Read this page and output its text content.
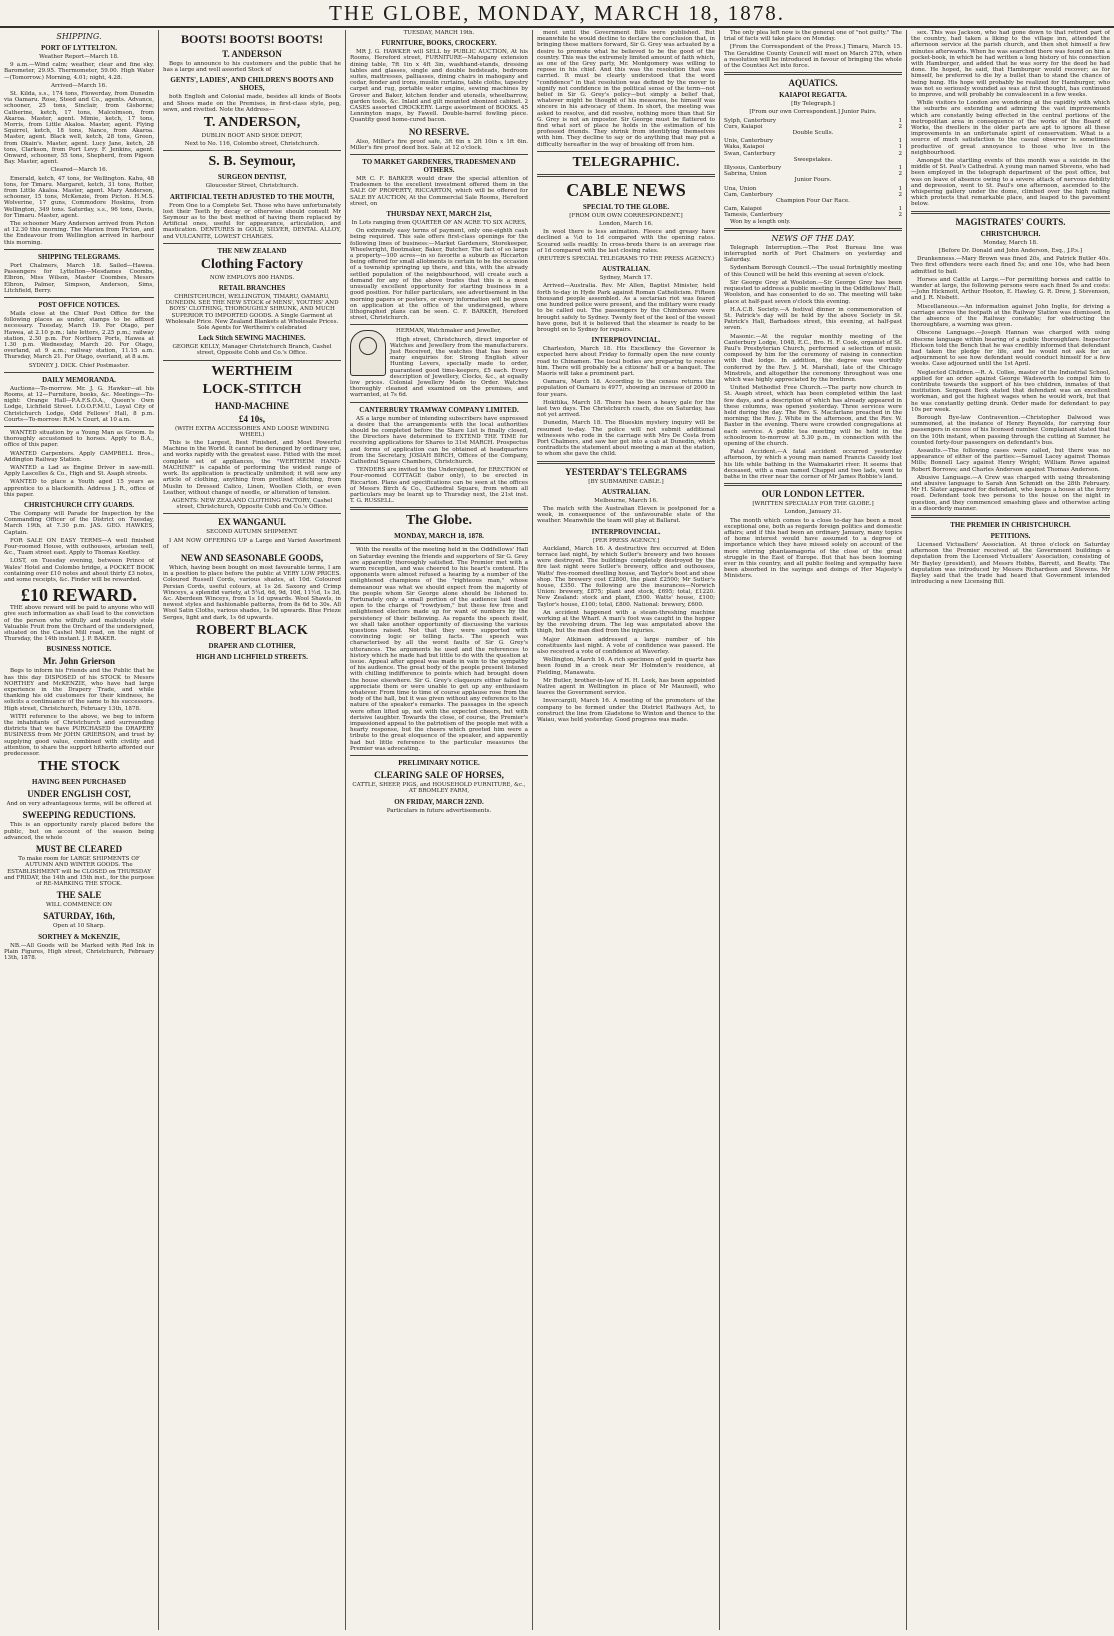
THE GLOBE, MONDAY, MARCH 18, 1878.
SHIPPING.
PORT OF LYTTELTON.

Weather Report—March 18.

9 a.m.—Wind calm; weather, clear and fine sky. Barometer, 29.95. Thermometer, 59.00. High Water—(Tomorrow.) Morning, 4.01; night, 4.28.

Arrived—March 16.

St. Kilda, s.s., 174 tons, Flowerday, from Dunedin via Oamaru. Rose, Steed and Co., agents. Advance, schooner, 25 tons, Sinclair, from Gisborne; Catherine, ketch, 17 tons, Malcolmson, from Akaroa. Master, agent. Mimie, ketch, 17 tons, Morris, from Little Akaloa. Master, agent. Flying Squirrel, ketch, 18 tons, Nance, from Akaroa. Master, agent. Black well, ketch, 28 tons, Green, from Okain's. Master, agent. Lucy Jane, ketch, 28 tons, Clarkson, from Port Levy. F. Jenkins, agent. Onward, schooner, 55 tons, Shepherd, from Pigeon Bay. Master, agent.

Cleared—March 16.

Emerald, ketch, 47 tons, for Wellington. Kahu, 48 tons, for Timaru. Margaret, ketch, 31 tons, Rutter, from Little Akaloa. Master, agent. Mary Anderson, schooner, 15 tons, McKenzie, from Picton. H.M.S. Wolverine, 17 guns, Commodore Hoskins, from Wellington, 349 tons. Saturday, s.s., 96 tons, Davis, for Timaru. Master, agent.

The schooner Mary Anderson arrived from Picton at 12.30 this morning. The Marion from Picton, and the Endeavour from Wellington arrived in harbour this morning.

SHIPPING TELEGRAMS.

Port Chalmers, March 18. Sailed—Hawea. Passengers for Lyttelton—Mesdames Coombs, Elbron, Miss Wilson, Master Coombes, Messrs Elbron, Palmer, Simpson, Anderson, Sims, Litchfield, Berry.

POST OFFICE NOTICES.

Mails close at the Chief Post Office for the following places as under, stamps to be affixed necessary. Tuesday, March 19. For Otago, per Hawea, at 2.10 p.m.; late letters, 2.25 p.m.; railway station, 2.30 p.m. For Northern Ports, Hawea at 1.30 p.m. Wednesday, March 20. For Otago, overland, at 9 a.m.; railway station, 11.15 a.m. Thursday, March 21. For Otago, overland, at 8 a.m.

SYDNEY J. DICK. Chief Postmaster.

DAILY MEMORANDA.

Auctions—To-morrow. Mr. J. G. Hawker—at his Rooms, at 12—Furniture, books, &c. Meetings—To-night: Orange Hall—P.A.F.S.O.A., Queen's Own Lodge, Lichfield Street. I.O.O.F.M.U., Loyal City of Christchurch Lodge, Odd Fellows' Hall, 8 p.m. Courts—To-morrow: R.M.'s Court, at 10 a.m.

WANTED situation by a Young Man as Groom. Is thoroughly accustomed to horses. Apply to B.A., office of this paper.

WANTED Carpenters. Apply CAMPBELL Bros., Addington Railway Station.

WANTED a Lad as Engine Driver in saw-mill. Apply Lascelles & Co., High and St. Asaph streets.

WANTED to place a Youth aged 15 years as apprentice to a blacksmith. Address J. R., office of this paper.

CHRISTCHURCH CITY GUARDS.

The Company will Parade for Inspection by the Commanding Officer of the District on Tuesday, March 19th, at 7.30 p.m. JAS. GEO. HAWKES, Captain.

FOR SALE ON EASY TERMS—A well finished Four-roomed House, with outhouses, artesian well, &c., Tuam street east. Apply to Thomas Keetley.

LOST, on Tuesday evening, between Prince of Wales' Hotel and Colombo bridge, a POCKET BOOK containing over £10 notes and about thirty £3 notes, and some receipts, &c. Finder will be rewarded.

£10 REWARD.

THE above reward will be paid to anyone who will give such information as shall lead to the conviction of the person who wilfully and maliciously stole Valuable Fruit from the Orchard of the undersigned, situated on the Cashel Mill road, on the night of Thursday, the 14th instant. J. P. BAKER.

BUSINESS NOTICE.
Mr. John Grierson

Begs to inform his Friends and the Public that he has this day DISPOSED of his STOCK to Messrs NORTHEY and McKENZIE, who have had large experience in the Drapery Trade, and while thanking his old customers for their kindness, he solicits a continuance of the same to his successors. High street, Christchurch, February 13th, 1878.

WITH reference to the above, we beg to inform the inhabitants of Christchurch and surrounding districts that we have PURCHASED the DRAPERY BUSINESS from Mr JOHN GRIERSON, and trust by supplying good value, combined with civility and attention, to share the support hitherto afforded our predecessor.

THE STOCK
HAVING BEEN PURCHASED
UNDER ENGLISH COST,

And on very advantageous terms, will be offered at

SWEEPING REDUCTIONS.

This is an opportunity rarely placed before the public, but on account of the season being advanced, the whole

MUST BE CLEARED

To make room for LARGE SHIPMENTS OF AUTUMN AND WINTER GOODS. The ESTABLISHMENT will be CLOSED on THURSDAY and FRIDAY, the 14th and 15th inst., for the purpose of RE-MARKING THE STOCK.

THE SALE

WILL COMMENCE ON

SATURDAY, 16th,

Open at 10 Sharp.

SORTHEY & McKENZIE,

NB.—All Goods will be Marked with Red Ink in Plain Figures, High street, Christchurch, February 13th, 1878.

BOOTS! BOOTS! BOOTS!
T. ANDERSON

Begs to announce to his customers and the public that he has a large and well assorted Stock of

GENTS', LADIES', AND CHILDREN'S BOOTS AND SHOES,

both English and Colonial made, besides all kinds of Boots and Shoes made on the Premises, in first-class style, peg, sewn, and rivetted. Note the Address—

T. ANDERSON,

DUBLIN BOOT AND SHOE DEPOT,

Next to No. 116, Colombo street, Christchurch.

S. B. Seymour,
SURGEON DENTIST,

Gloucester Street, Christchurch.

ARTIFICIAL TEETH ADJUSTED TO THE MOUTH,

From One to a Complete Set. Those who have unfortunately lost their Teeth by decay or otherwise should consult Mr Seymour as to the best method of having them replaced by Artificial ones, useful for appearance, articulation, and mastication. DENTURES in GOLD, SILVER, DENTAL ALLOY, and VULCANITE, LOWEST CHARGES.

THE NEW ZEALAND
Clothing Factory

NOW EMPLOYS 800 HANDS.

RETAIL BRANCHES

CHRISTCHURCH, WELLINGTON, TIMARU, OAMARU, DUNEDIN. SEE THE NEW STOCK of MENS', YOUTHS' AND BOYS' CLOTHING, THOROUGHLY SHRUNK, AND MUCH SUPERIOR TO IMPORTED GOODS. A Single Garment at Wholesale Price. New Zealand Blankets at Wholesale Prices. Sole Agents for Wertheim's celebrated

Lock Stitch SEWING MACHINES.

GEORGE KELLY, Manager Christchurch Branch, Cashel street, Opposite Cobb and Co.'s Office.

WERTHEIM
LOCK-STITCH
HAND-MACHINE
£4 10s,

(WITH EXTRA ACCESSORIES AND LOOSE WINDING WHEEL)

This is the Largest, Best Finished, and Most Powerful Machine in the World. It cannot be deranged by ordinary use, and works rapidly with the greatest ease. Fitted with the most complete set of appliances, the "WERTHEIM HAND-MACHINE" is capable of performing the widest range of work. Its application is practically unlimited; it will sew any article of clothing, anything from prettiest stitching, from Muslin to Dressed Calico, Linen, Woollen Cloth, or even Leather, without change of needle, or alteration of tension.

AGENTS: NEW ZEALAND CLOTHING FACTORY, Cashel street, Christchurch, Opposite Cobb and Co.'s Office.

EX WANGANUI.

SECOND AUTUMN SHIPMENT.

I AM NOW OFFERING UP a Large and Varied Assortment of

NEW AND SEASONABLE GOODS,

Which, having been bought on most favourable terms, I am in a position to place before the public at VERY LOW PRICES. Coloured Russell Cords, various shades, at 10d. Coloured Persian Cords, useful colours, at 1s 2d. Saxony and Crimp Winceys, a splendid variety, at 5¼d, 6d, 9d, 10d, 11½d, 1s 3d, &c. Aberdeen Winceys, from 1s 1d upwards. Wool Shawls, in newest styles and fashionable patterns, from 8s 6d to 30s. All Wool Satin Cloths, various shades, 1s 9d upwards. Blue Frieze Serges, light and dark, 1s 6d upwards.

ROBERT BLACK
DRAPER AND CLOTHIER,
HIGH AND LICHFIELD STREETS.

TUESDAY, MARCH 19th.

FURNITURE, BOOKS, CROCKERY.

MR J. G. HAWKER will SELL by PUBLIC AUCTION, At his Rooms, Hereford street, FURNITURE—Mahogany extension dining table, 7ft 1in x 4ft 3in, washhand-stands, dressing tables and glasses, single and double bedsteads, bedroom suites, mattresses, palliasses, dining chairs in mahogany and cedar, fender and irons, muslin curtains, table cloths, tapestry carpet and rug, portable water engine, sewing machines by Grover and Baker, kitchen fender and utensils, wheelbarrow, garden tools, &c. Inlaid and gilt mounted ebonized cabinet. 2 CASES assorted CROCKERY. Large assortment of BOOKS. 45 Lenninyton maps, by Fawell. Double-barrel fowling piece. Quantity good home-cured bacon.

NO RESERVE.

Also, Miller's fire proof safe, 3ft 6in x 2ft 10in x 1ft 6in. Miller's fire proof deed box. Sale at 12 o'clock.

TO MARKET GARDENERS, TRADESMEN AND OTHERS.

MR C. F. BARKER would draw the special attention of Tradesmen to the excellent investment offered them in the SALE OF PROPERTY, RICCARTON, which will be offered for SALE BY AUCTION, At the Commercial Sale Rooms, Hereford street, on

THURSDAY NEXT, MARCH 21st,

In Lots ranging from QUARTER OF AN ACRE TO SIX ACRES,

On extremely easy terms of payment, only one-eighth cash being required. This sale offers first-class openings for the following lines of business:—Market Gardeners, Storekeeper, Wheelwright, Bootmaker, Baker, Butcher. The fact of so large a property—100 acres—in so favorite a suburb as Riccarton being offered for small allotments is certain to be the occasion of a township springing up there, and this, with the already settled population of the neighbourhood, will create such a demand for any of the above trades that this is a most unusually excellent opportunity for starting business in a good position. For fuller particulars, see advertisement in the morning papers or posters, or every information will be given on application at the office of the undersigned, where lithographed plans can be seen. C. F. BARKER, Hereford street, Christchurch.

HERMAN, Watchmaker and Jeweller,

High street, Christchurch, direct importer of Watches and Jewellery from the manufacturers. Just Received, the watches that has been so many enquiries for. Strong English silver Hunting Levers, specially made to order, guaranteed good time-keepers, £5 each. Every description of Jewellery, Clocks, &c., at equally low prices. Colonial Jewellery Made to Order. Watches thoroughly cleaned and examined on the premises, and warranted, at 7s 6d.

CANTERBURY TRAMWAY COMPANY LIMITED.

AS a large number of intending subscribers have expressed a desire that the arrangements with the local authorities should be completed before the Share List is finally closed, the Directors have determined to EXTEND THE TIME for receiving applications for Shares to 31st MARCH. Prospectus and forms of application can be obtained at headquarters from the Secretary, JOSIAH BIRCH, Offices of the Company, Cathedral Square Chambers, Christchurch.

TENDERS are invited to the Undersigned, for ERECTION of Four-roomed COTTAGE (labor only), to be erected in Riccarton. Plans and specifications can be seen at the offices of Messrs Birch & Co., Cathedral Square, from whom all particulars may be learnt up to Thursday next, the 21st inst. T. G. RUSSELL.

The Globe.
MONDAY, MARCH 18, 1878.

With the results of the meeting held in the Oddfellows' Hall on Saturday evening the friends and supporters of Sir G. Grey are apparently thoroughly satisfied. The Premier met with a warm reception, and was cheered to his heart's content. His opponents were almost refused a hearing by a number of the enlightened champions of the "righteous man," whose demeanour was what we should expect from the majority of the people whom Sir George alone should be listened to. Fortunately only a small portion of the audience laid itself open to the charge of "rowdyism," but these few free and enlightened electors made up for want of numbers by the persistency of their bellowing. As regards the speech itself, we shall take another opportunity of discussing the various questions raised. Not that they were supported with convincing logic or telling facts. The speech was characterised by all the worst faults of Sir G. Grey's utterances. The arguments he used and the references to history which he made had but little to do with the question at issue. Appeal after appeal was made in vain to the sympathy of his audience. The great body of the people present listened with chilling indifference to points which had brought down the house elsewhere. Sir G. Grey's claqueurs either failed to appreciate them or were unable to get up any enthusiasm whatever. From time to time of course applause rose from the body of the hall, but it was given without any reference to the nature of the speaker's remarks. The passages in the speech were often lifted up, not with the expected cheers, but with derisive laughter. Towards the close, of course, the Premier's impassioned appeal to the patriotism of the people met with a hearty response, but the cheers which greeted him were a tribute to the great eloquence of the speaker, and apparently had but little reference to the particular measures the Premier was advocating.

PRELIMINARY NOTICE.
CLEARING SALE OF HORSES,

CATTLE, SHEEP, PIGS, and HOUSEHOLD FURNITURE, &c., AT BROMLEY FARM,

ON FRIDAY, MARCH 22ND.

Particulars in future advertisements.

ment until the Government Bills were published. But meanwhile he would decline to declare the conclusion that, in bringing these matters forward, Sir G. Grey was actuated by a desire to promote what he believed to be the good of the country. This was the extremely limited amount of faith which, as one of the Grey party, Mr. Montgomery was willing to repose in his chief. And this was the resolution that was carried. It must be clearly understood that the word "confidence" in that resolution was defined by the mover to signify not confidence in the political sense of the term—not belief in Sir G. Grey's policy—but simply a belief that, whatever might be thought of his measures, he himself was sincere in his advocacy of them. In short, the meeting was asked to resolve, and did resolve, nothing more than that Sir G. Grey is not an impostor. Sir George must be flattered to find what sort of place he holds in the estimation of his professed friends. They shrink from identifying themselves with him. They decline to say or do anything that may put a difficulty hereafter in the way of breaking off from him.

TELEGRAPHIC.
CABLE NEWS
SPECIAL TO THE GLOBE.

[FROM OUR OWN CORRESPONDENT.]

London, March 16.

In wool there is less animation. Fleece and greasy have declined a ½d to 1d compared with the opening rates. Scoured sells readily. In cross-breds there is an average rise of 1d compared with the last closing rates.

(REUTER'S SPECIAL TELEGRAMS TO THE PRESS AGENCY.)

AUSTRALIAN.

Sydney, March 17.

Arrived—Australia. Rev. Mr Allen, Baptist Minister, held forth to-day in Hyde Park against Roman Catholicism. Fifteen thousand people assembled. As a sectarian riot was feared one hundred police were present, and the military were ready to be called out. The passengers by the Chimborazo were brought safely to Sydney. Twenty feet of the keel of the vessel have gone, but it is believed that the steamer is ready to be brought on to Sydney for repairs.

INTERPROVINCIAL.

Charleston, March 18. His Excellency the Governor is expected here about Friday to formally open the new county road to Chinamen. The local bodies are preparing to receive him. There will probably be a citizens' ball or a banquet. The Maoris will take a prominent part.

Oamaru, March 18. According to the census returns the population of Oamaru is 4977, showing an increase of 2000 in four years.

Hokitika, March 18. There has been a heavy gale for the last two days. The Christchurch coach, due on Saturday, has not yet arrived.

Dunedin, March 18. The Blueskin mystery inquiry will be resumed to-day. The police will not submit additional witnesses who rode in the carriage with Mrs De Costa from Port Chalmers, and saw her get into a cab at Dunedin, which contradicts the statement about meeting a man at the station, to whom she gave the child.

YESTERDAY'S TELEGRAMS

[BY SUBMARINE CABLE.]

AUSTRALIAN.

Melbourne, March 16.

The match with the Australian Eleven is postponed for a week, in consequence of the unfavourable state of the weather. Meanwhile the team will play at Ballarat.

INTERPROVINCIAL.

[PER PRESS AGENCY.]

Auckland, March 16. A destructive fire occurred at Eden terrace last night, by which Sutler's brewery and two houses were destroyed. The buildings completely destroyed by the fire last night were Sutler's brewery, office and outhouses, Watts' five-roomed dwelling house, and Taylor's boot and shoe shop. The brewery cost £2800, the plant £2500; Mr Sutler's house, £350. The following are the insurances—Norwich Union: brewery, £875; plant and stock, £695; total, £1220. New Zealand: stock and plant, £500. Watts' house, £100; Taylor's house, £100; total, £800. National: brewery, £600.

An accident happened with a steam-threshing machine working at the Wharf. A man's foot was caught in the hopper by the revolving drum. The leg was amputated above the thigh, but the man died from the injuries.

Major Atkinson addressed a large number of his constituents last night. A vote of confidence was passed. He also received a vote of confidence at Waverley.

Wellington, March 16. A rich specimen of gold in quartz has been found in a creek near Mr Holmden's residence, at Fielding, Manawatu.

Mr Butler, brother-in-law of H. H. Leek, has been appointed Native agent in Wellington in place of Mr Maunsell, who leaves the Government service.

Invercargill, March 16. A meeting of the promoters of the company to be formed under the District Railways Act, to construct the line from Gladstone to Winton and thence to the Waiau, was held yesterday. Good progress was made.

The only plea left now is the general one of "not guilty." The trial of facts will take place on Monday.

[From the Correspondent of the Press.] Timaru, March 15. The Geraldine County Council will meet on March 27th, when a resolution will be introduced in favour of bringing the whole of the Counties Act into force.

AQUATICS.
KAIAPOI REGATTA.

[By Telegraph.]

[From our own Correspondent.] Junior Pairs.

Sylph, Canterbury	1
Curs, Kaiapoi	2

Double Sculls.

Unis, Canterbury	1
Waka, Kaiapoi	1
Swan, Canterbury	2

Sweepstakes.

Illyssus, Canterbury	1
Sabrina, Union	2

Junior Fours.

Una, Union	1
Cam, Canterbury	2

Champion Four Oar Race.

Cam, Kaiapoi	1
Tamesis, Canterbury	2

Won by a length only.

NEWS OF THE DAY.

Telegraph Interruption.—The Post Bureau line was interrupted north of Port Chalmers on yesterday and Saturday.

Sydenham Borough Council.—The usual fortnightly meeting of this Council will be held this evening at seven o'clock.

Sir George Grey at Woolston.—Sir George Grey has been requested to address a public meeting in the Oddfellows' Hall, Woolston, and has consented to do so. The meeting will take place at half-past seven o'clock this evening.

H.A.C.B. Society.—A festival dinner in commemoration of St. Patrick's day will be held by the above Society in St. Patrick's Hall, Barbadoes street, this evening, at half-past seven.

Masonic.—At the regular monthly meeting of the Canterbury Lodge, 1048, E.C., Bro. H. F. Cook, organist of St. Paul's Presbyterian Church, performed a selection of music composed by him for the ceremony of raising in connection with that lodge. In addition, the degree was worthily conferred by the Rev. J. M. Marshall, late of the Chicago Minstrels, and altogether the ceremony throughout was one which was highly appreciated by the brethren.

United Methodist Free Church.—The party now church in St. Asaph street, which has been completed within the last few days, and a description of which has already appeared in these columns, was opened yesterday. Three services were held during the day. The Rev. S. Macfarlane preached in the morning; the Rev. J. White in the afternoon, and the Rev. W. Baxter in the evening. There were crowded congregations at each service. A public tea meeting will be held in the schoolroom to-morrow at 5.30 p.m., in connection with the opening of the church.

Fatal Accident.—A fatal accident occurred yesterday afternoon, by which a young man named Francis Cassidy lost his life while bathing in the Waimakariri river. It seems that deceased, with a man named Chappel and two lads, went to bathe in the river near the corner of Mr James Robbie's land.

OUR LONDON LETTER.

[WRITTEN SPECIALLY FOR THE GLOBE.]

London, January 31.

The month which comes to a close to-day has been a most exceptional one, both as regards foreign politics and domestic affairs; and if this had been an ordinary January, many topics of home interest would have assumed to a degree of importance which they have missed solely on account of the more stirring phantasmagoria of the close of the great struggle in the East of Europe. But that has been looming ever in this country, and all public feeling and sympathy have been absorbed in the sayings and doings of Her Majesty's Ministers.

sex. This was Jackson, who had gone down to that retired part of the country, had taken a liking to the village inn, attended the afternoon service at the parish church, and then shot himself a few minutes afterwards. When he was searched there was found on him a pocket-book, in which he had written a long history of his connection with Hamburger, and added that he was sorry for the deed he had done. He hoped, he said, that Hamburger would recover; as for himself, he preferred to die by a bullet than to stand the chance of being hung. His hope will probably be realized for Hamburger, who was not so seriously wounded as was at first thought, has continued to improve, and will probably be convalescent in a few weeks.

While visitors to London are wondering at the rapidity with which the suburbs are extending and admiring the vast improvements which are constantly being effected in the central portions of the metropolitan area in consequence of the works of the Board of Works, the dwellers in the older parts are apt to ignore all these improvements in an unfortunate spirit of conservatism. What is a source of much satisfaction to the casual observer is sometimes productive of great annoyance to those who live in the neighbourhood.

Amongst the startling events of this month was a suicide in the middle of St. Paul's Cathedral. A young man named Stevens, who had been employed in the telegraph department of the post office, but was on leave of absence owing to a severe attack of nervous debility and depression, went to St. Paul's one afternoon, ascended to the whispering gallery under the dome, climbed over the high railing which protects that remarkable place, and leaped to the pavement below.

MAGISTRATES' COURTS.
CHRISTCHURCH.

Monday, March 18.

[Before Dr. Donald and John Anderson, Esq., J.P.s.]

Drunkenness.—Mary Brown was fined 20s, and Patrick Butler 40s. Two first offenders were each fined 5s; and one 10s, who had been admitted to bail.

Horses and Cattle at Large.—For permitting horses and cattle to wander at large, the following persons were each fined 5s and costs:—John Hickmott, Arthur Hooton, E. Hawley, G. R. Drew, J. Stevenson, and J. R. Nisbett.

Miscellaneous.—An information against John Inglis, for driving a carriage across the footpath at the Railway Station was dismissed, in the absence of the Railway constable; for obstructing the thoroughfare, a warning was given.

Obscene Language.—Joseph Hannan was charged with using obscene language within hearing of a public thoroughfare. Inspector Hickson told the Bench that he was credibly informed that defendant had taken the pledge for life, and he would not ask for an adjournment to see how defendant would conduct himself for a few weeks. Case adjourned until the 1st April.

Neglected Children.—R. A. Collee, master of the Industrial School, applied for an order against George Wadsworth to compel him to contribute towards the support of his two children, inmates of that institution. Sergeant Beck stated that defendant was an excellent workman, and got the highest wages when he would work, but that he was constantly getting drunk. Order made for defendant to pay 10s per week.

Borough Bye-law Contravention.—Christopher Dalwood was summoned, at the instance of Henry Reynolds, for carrying four passengers in excess of his licensed number. Complainant stated that on the 10th instant, when passing through the cutting at Sumner, he counted forty-four passengers on defendant's bus.

Assaults.—The following cases were called, but there was no appearance of either of the parties:—Samuel Lacey against Thomas Mills; Bonnell Lacy against Henry Wright; William Rowe against Robert Borrows; and Charles Anderson against Thomas Anderson.

Abusive Language.—A Crew was charged with using threatening and abusive language to Sarah Ann Schmidt on the 28th February. Mr H. Slater appeared for defendant, who keeps a house at the ferry road. Defendant took two persons to the house on the night in question, and they commenced smashing glass and otherwise acting in a disorderly manner.

THE PREMIER IN CHRISTCHURCH.
PETITIONS.

Licensed Victuallers' Association. At three o'clock on Saturday afternoon the Premier received at the Government buildings a deputation from the Licensed Victuallers' Association, consisting of Mr Bayley (president), and Messrs Hobbs, Barrett, and Beatty. The deputation was introduced by Messrs Richardson and Stevens. Mr Bayley said that the trade had heard that Government intended introducing a new Licensing Bill.
